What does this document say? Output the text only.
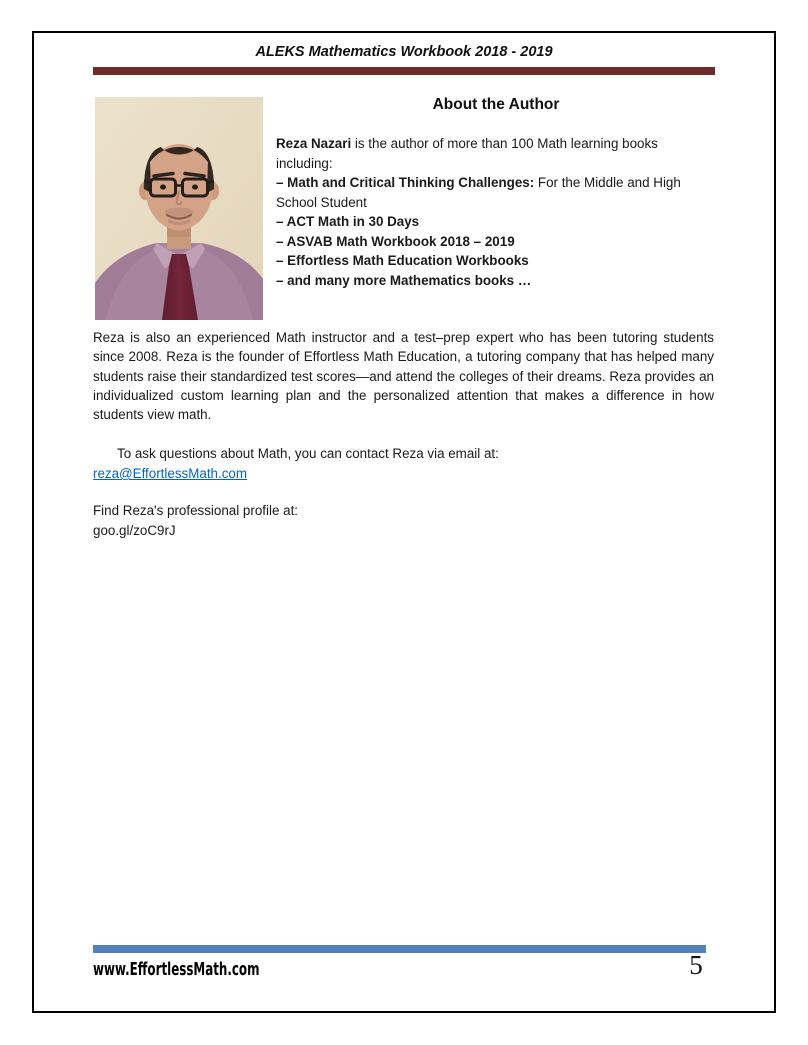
ALEKS Mathematics Workbook 2018 - 2019
About the Author

Reza Nazari is the author of more than 100 Math learning books including:

– Math and Critical Thinking Challenges: For the Middle and High School Student
– ACT Math in 30 Days
– ASVAB Math Workbook 2018 – 2019
– Effortless Math Education Workbooks
– and many more Mathematics books …

Reza is also an experienced Math instructor and a test–prep expert who has been tutoring students since 2008. Reza is the founder of Effortless Math Education, a tutoring company that has helped many students raise their standardized test scores—and attend the colleges of their dreams. Reza provides an individualized custom learning plan and the personalized attention that makes a difference in how students view math.

To ask questions about Math, you can contact Reza via email at:
reza@EffortlessMath.com
Find Reza's professional profile at:
goo.gl/zoC9rJ
www.EffortlessMath.com	5
